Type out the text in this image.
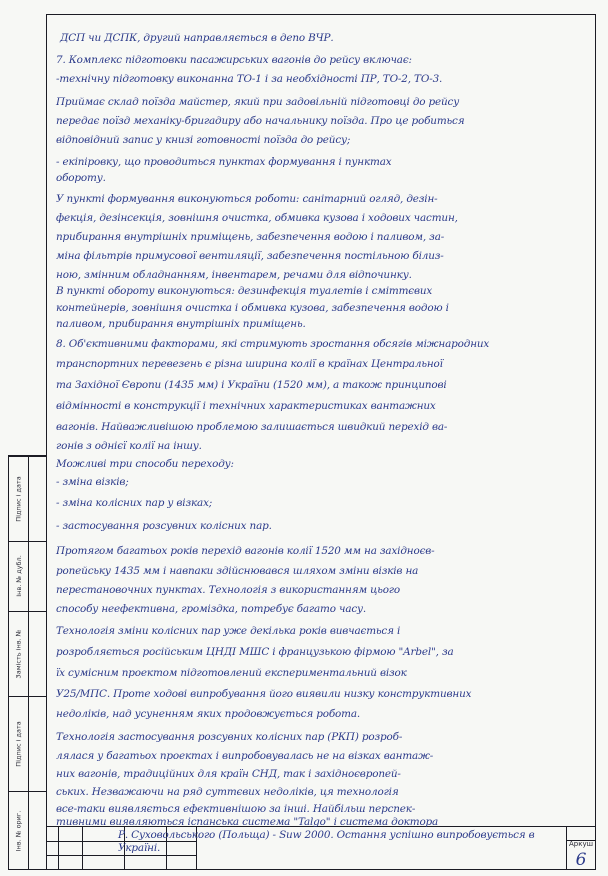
Підпис і дата
Інв. № дубл.
Замість інв. №
Підпис і дата
Інв. № ориг.	Аркуш
6
ДСП чи ДСПК, другий направляється в депо ВЧР.
7. Комплекс підготовки пасажирських вагонів до рейсу включає:
-технічну підготовку виконанна ТО-1 і за необхідності ПР, ТО-2, ТО-3.
Приймає склад поїзда майстер, який при задовільній підготовці до рейсу
передає поїзд механіку-бригадиру або начальнику поїзда. Про це робиться
відповідний запис у книзі готовності поїзда до рейсу;
- екіпіровку, що проводиться пунктах формування і пунктах
обороту.
У пункті формування виконуються роботи: санітарний огляд, дезін-
фекція, дезінсекція, зовнішня очистка, обмивка кузова і ходових частин,
прибирання внутрішніх приміщень, забезпечення водою і паливом, за-
міна фільтрів примусової вентиляції, забезпечення постільною білиз-
ною, змінним обладнанням, інвентарем, речами для відпочинку.
В пункті обороту виконуються: дезинфекція туалетів і сміттєвих
контейнерів, зовнішня очистка і обмивка кузова, забезпечення водою і
паливом, прибирання внутрішніх приміщень.
8. Об'єктивними факторами, які стримують зростання обсягів міжнародних
транспортних перевезень є різна ширина колії в країнах Центральної
та Західної Європи (1435 мм) і України (1520 мм), а також принципові
відмінності в конструкції і технічних характеристиках вантажних
вагонів. Найважливішою проблемою залишається швидкий перехід ва-
гонів з однієї колії на іншу.
Можливі три способи переходу:
- зміна візків;
- зміна колісних пар у візках;
- застосування розсувних колісних пар.
Протягом багатьох років перехід вагонів колії 1520 мм на західноєв-
ропейську 1435 мм і навпаки здійснювався шляхом зміни візків на
перестановочних пунктах. Технологія з використанням цього
способу неефективна, громіздка, потребує багато часу.
Технологія зміни колісних пар уже декілька років вивчається і
розробляється російським ЦНДІ МШС і французькою фірмою "Arbel", за
їх сумісним проектом підготовлений експериментальний візок
У25/МПС. Проте ходові випробування його виявили низку конструктивних
недоліків, над усуненням яких продовжується робота.
Технологія застосування розсувних колісних пар (РКП) розроб-
лялася у багатьох проектах і випробовувалась не на візках вантаж-
них вагонів, традиційних для країн СНД, так і західноєвропей-
ських. Незважаючи на ряд суттєвих недоліків, ця технологія
все-таки виявляється ефективнішою за інші. Найбільш перспек-
тивними виявляються іспанська система "Talgo" і система доктора
Р. Суховольського (Польща) - Suw 2000. Остання успішно випробовується в
Україні.
